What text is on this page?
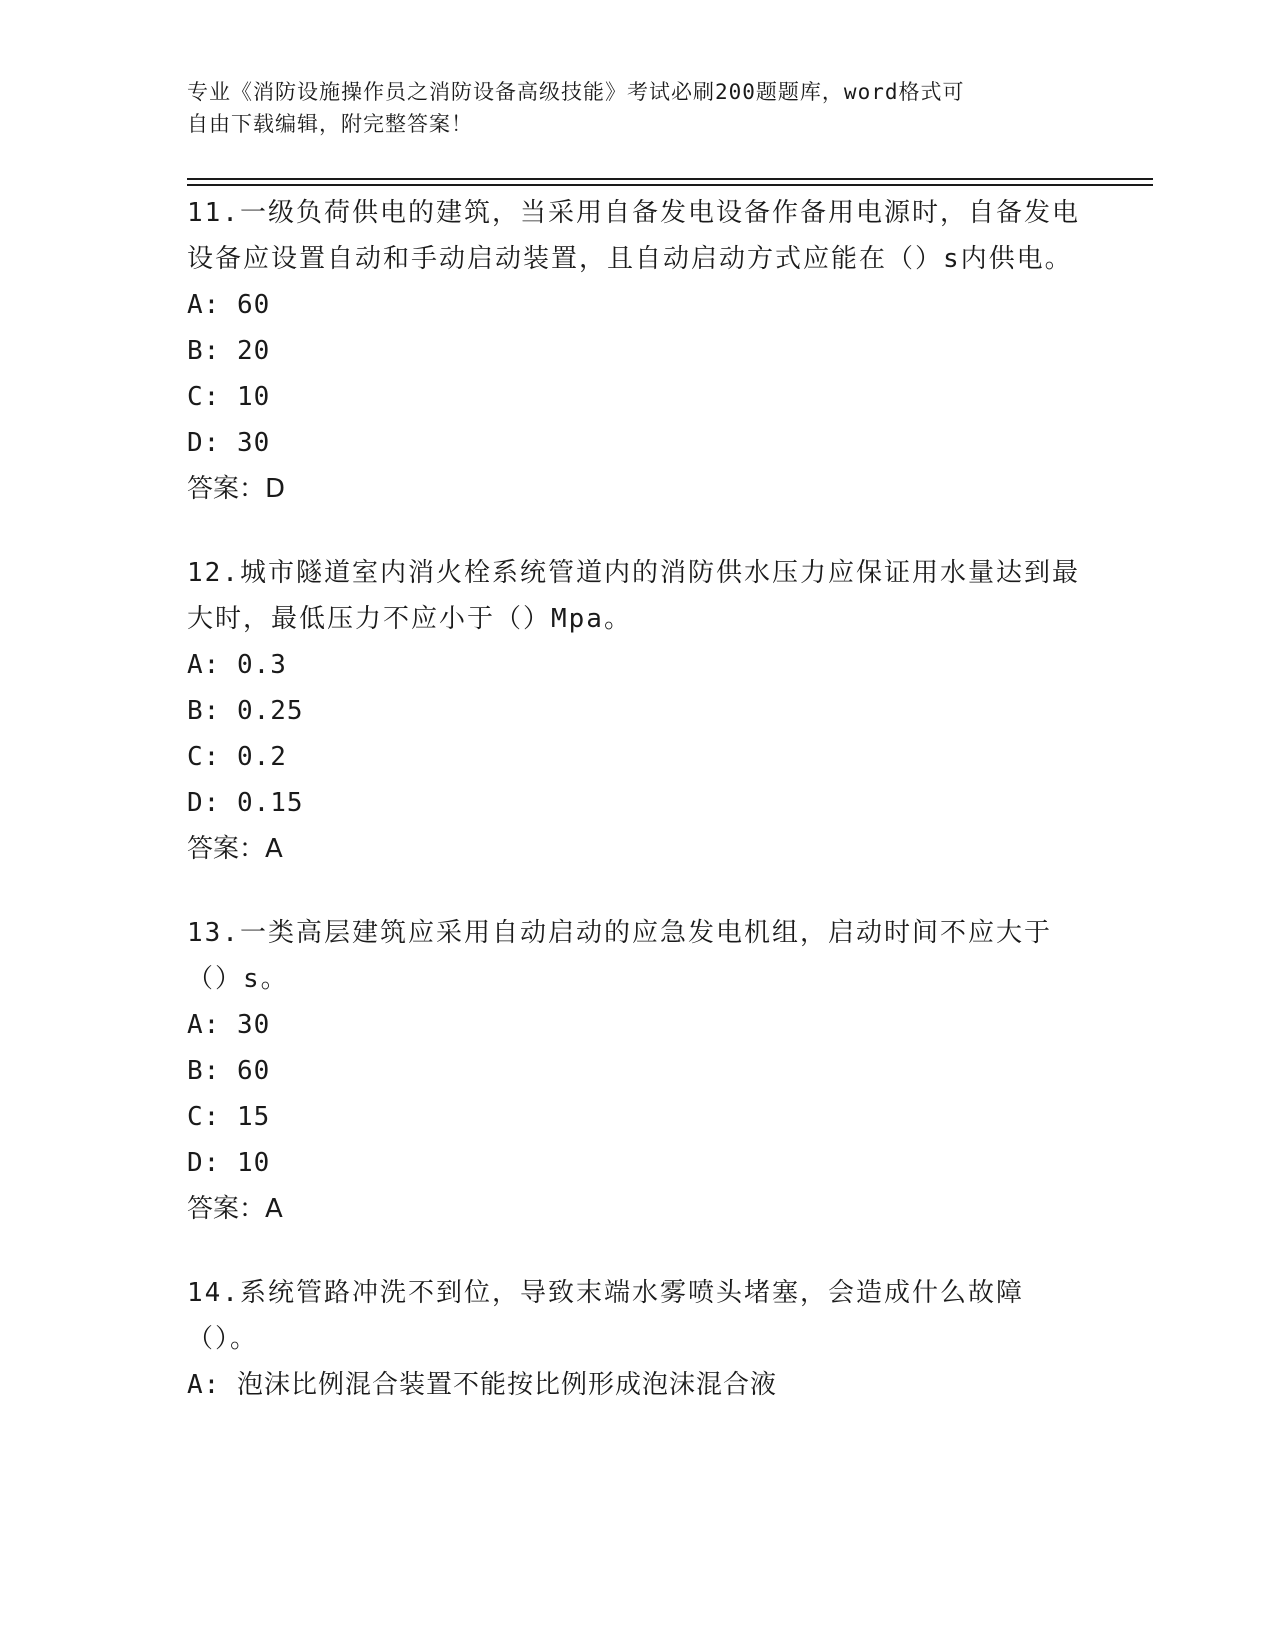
专业《消防设施操作员之消防设备高级技能》考试必刷200题题库，word格式可
自由下载编辑，附完整答案！

11.一级负荷供电的建筑，当采用自备发电设备作备用电源时，自备发电设备应设置自动和手动启动装置，且自动启动方式应能在（）s内供电。

A: 60

B: 20

C: 10

D: 30

答案：D

12.城市隧道室内消火栓系统管道内的消防供水压力应保证用水量达到最大时，最低压力不应小于（）Mpa。

A: 0.3

B: 0.25

C: 0.2

D: 0.15

答案：A

13.一类高层建筑应采用自动启动的应急发电机组，启动时间不应大于（）s。

A: 30

B: 60

C: 15

D: 10

答案：A

14.系统管路冲洗不到位，导致末端水雾喷头堵塞，会造成什么故障（）。

A: 泡沫比例混合装置不能按比例形成泡沫混合液
